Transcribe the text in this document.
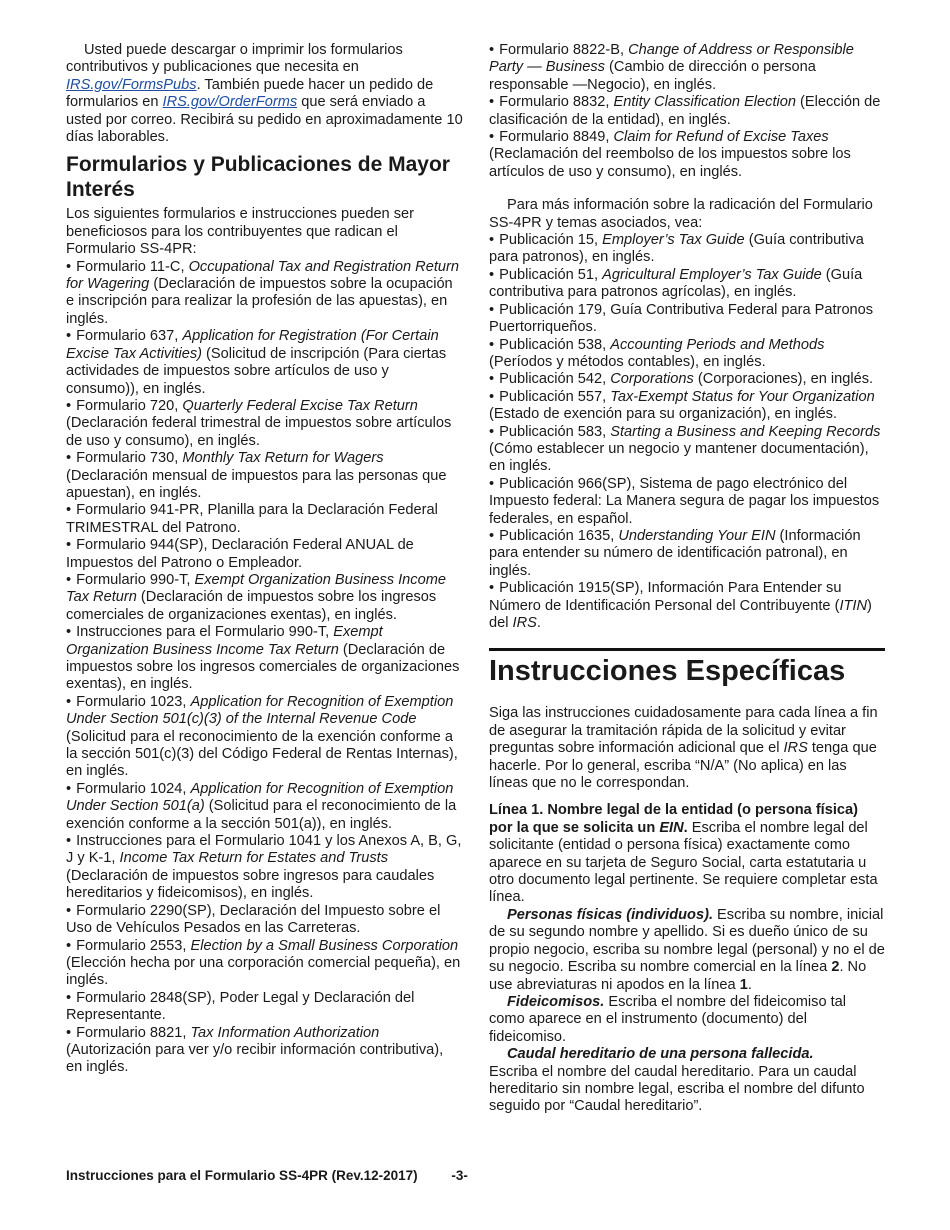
Usted puede descargar o imprimir los formularios contributivos y publicaciones que necesita en IRS.gov/FormsPubs. También puede hacer un pedido de formularios en IRS.gov/OrderForms que será enviado a usted por correo. Recibirá su pedido en aproximadamente 10 días laborables.

Formularios y Publicaciones de Mayor Interés

Los siguientes formularios e instrucciones pueden ser beneficiosos para los contribuyentes que radican el Formulario SS-4PR:

• Formulario 11-C, Occupational Tax and Registration Return for Wagering (Declaración de impuestos sobre la ocupación e inscripción para realizar la profesión de las apuestas), en inglés.

• Formulario 637, Application for Registration (For Certain Excise Tax Activities) (Solicitud de inscripción (Para ciertas actividades de impuestos sobre artículos de uso y consumo)), en inglés.

• Formulario 720, Quarterly Federal Excise Tax Return (Declaración federal trimestral de impuestos sobre artículos de uso y consumo), en inglés.

• Formulario 730, Monthly Tax Return for Wagers (Declaración mensual de impuestos para las personas que apuestan), en inglés.

• Formulario 941-PR, Planilla para la Declaración Federal TRIMESTRAL del Patrono.

• Formulario 944(SP), Declaración Federal ANUAL de Impuestos del Patrono o Empleador.

• Formulario 990-T, Exempt Organization Business Income Tax Return (Declaración de impuestos sobre los ingresos comerciales de organizaciones exentas), en inglés.

• Instrucciones para el Formulario 990-T, Exempt Organization Business Income Tax Return (Declaración de impuestos sobre los ingresos comerciales de organizaciones exentas), en inglés.

• Formulario 1023, Application for Recognition of Exemption Under Section 501(c)(3) of the Internal Revenue Code (Solicitud para el reconocimiento de la exención conforme a la sección 501(c)(3) del Código Federal de Rentas Internas), en inglés.

• Formulario 1024, Application for Recognition of Exemption Under Section 501(a) (Solicitud para el reconocimiento de la exención conforme a la sección 501(a)), en inglés.

• Instrucciones para el Formulario 1041 y los Anexos A, B, G, J y K-1, Income Tax Return for Estates and Trusts (Declaración de impuestos sobre ingresos para caudales hereditarios y fideicomisos), en inglés.

• Formulario 2290(SP), Declaración del Impuesto sobre el Uso de Vehículos Pesados en las Carreteras.

• Formulario 2553, Election by a Small Business Corporation (Elección hecha por una corporación comercial pequeña), en inglés.

• Formulario 2848(SP), Poder Legal y Declaración del Representante.

• Formulario 8821, Tax Information Authorization (Autorización para ver y/o recibir información contributiva), en inglés.

• Formulario 8822-B, Change of Address or Responsible Party — Business (Cambio de dirección o persona responsable —Negocio), en inglés.

• Formulario 8832, Entity Classification Election (Elección de clasificación de la entidad), en inglés.

• Formulario 8849, Claim for Refund of Excise Taxes (Reclamación del reembolso de los impuestos sobre los artículos de uso y consumo), en inglés.

Para más información sobre la radicación del Formulario SS-4PR y temas asociados, vea:

• Publicación 15, Employer’s Tax Guide (Guía contributiva para patronos), en inglés.

• Publicación 51, Agricultural Employer’s Tax Guide (Guía contributiva para patronos agrícolas), en inglés.

• Publicación 179, Guía Contributiva Federal para Patronos Puertorriqueños.

• Publicación 538, Accounting Periods and Methods (Períodos y métodos contables), en inglés.

• Publicación 542, Corporations (Corporaciones), en inglés.

• Publicación 557, Tax-Exempt Status for Your Organization (Estado de exención para su organización), en inglés.

• Publicación 583, Starting a Business and Keeping Records (Cómo establecer un negocio y mantener documentación), en inglés.

• Publicación 966(SP), Sistema de pago electrónico del Impuesto federal: La Manera segura de pagar los impuestos federales, en español.

• Publicación 1635, Understanding Your EIN (Información para entender su número de identificación patronal), en inglés.

• Publicación 1915(SP), Información Para Entender su Número de Identificación Personal del Contribuyente (ITIN) del IRS.

Instrucciones Específicas

Siga las instrucciones cuidadosamente para cada línea a fin de asegurar la tramitación rápida de la solicitud y evitar preguntas sobre información adicional que el IRS tenga que hacerle. Por lo general, escriba “N/A” (No aplica) en las líneas que no le correspondan.

Línea 1. Nombre legal de la entidad (o persona física) por la que se solicita un EIN. Escriba el nombre legal del solicitante (entidad o persona física) exactamente como aparece en su tarjeta de Seguro Social, carta estatutaria u otro documento legal pertinente. Se requiere completar esta línea.

Personas físicas (individuos). Escriba su nombre, inicial de su segundo nombre y apellido. Si es dueño único de su propio negocio, escriba su nombre legal (personal) y no el de su negocio. Escriba su nombre comercial en la línea 2. No use abreviaturas ni apodos en la línea 1.

Fideicomisos. Escriba el nombre del fideicomiso tal como aparece en el instrumento (documento) del fideicomiso.

Caudal hereditario de una persona fallecida.

Escriba el nombre del caudal hereditario. Para un caudal hereditario sin nombre legal, escriba el nombre del difunto seguido por “Caudal hereditario”.

Instrucciones para el Formulario SS-4PR (Rev.12-2017)	-3-
